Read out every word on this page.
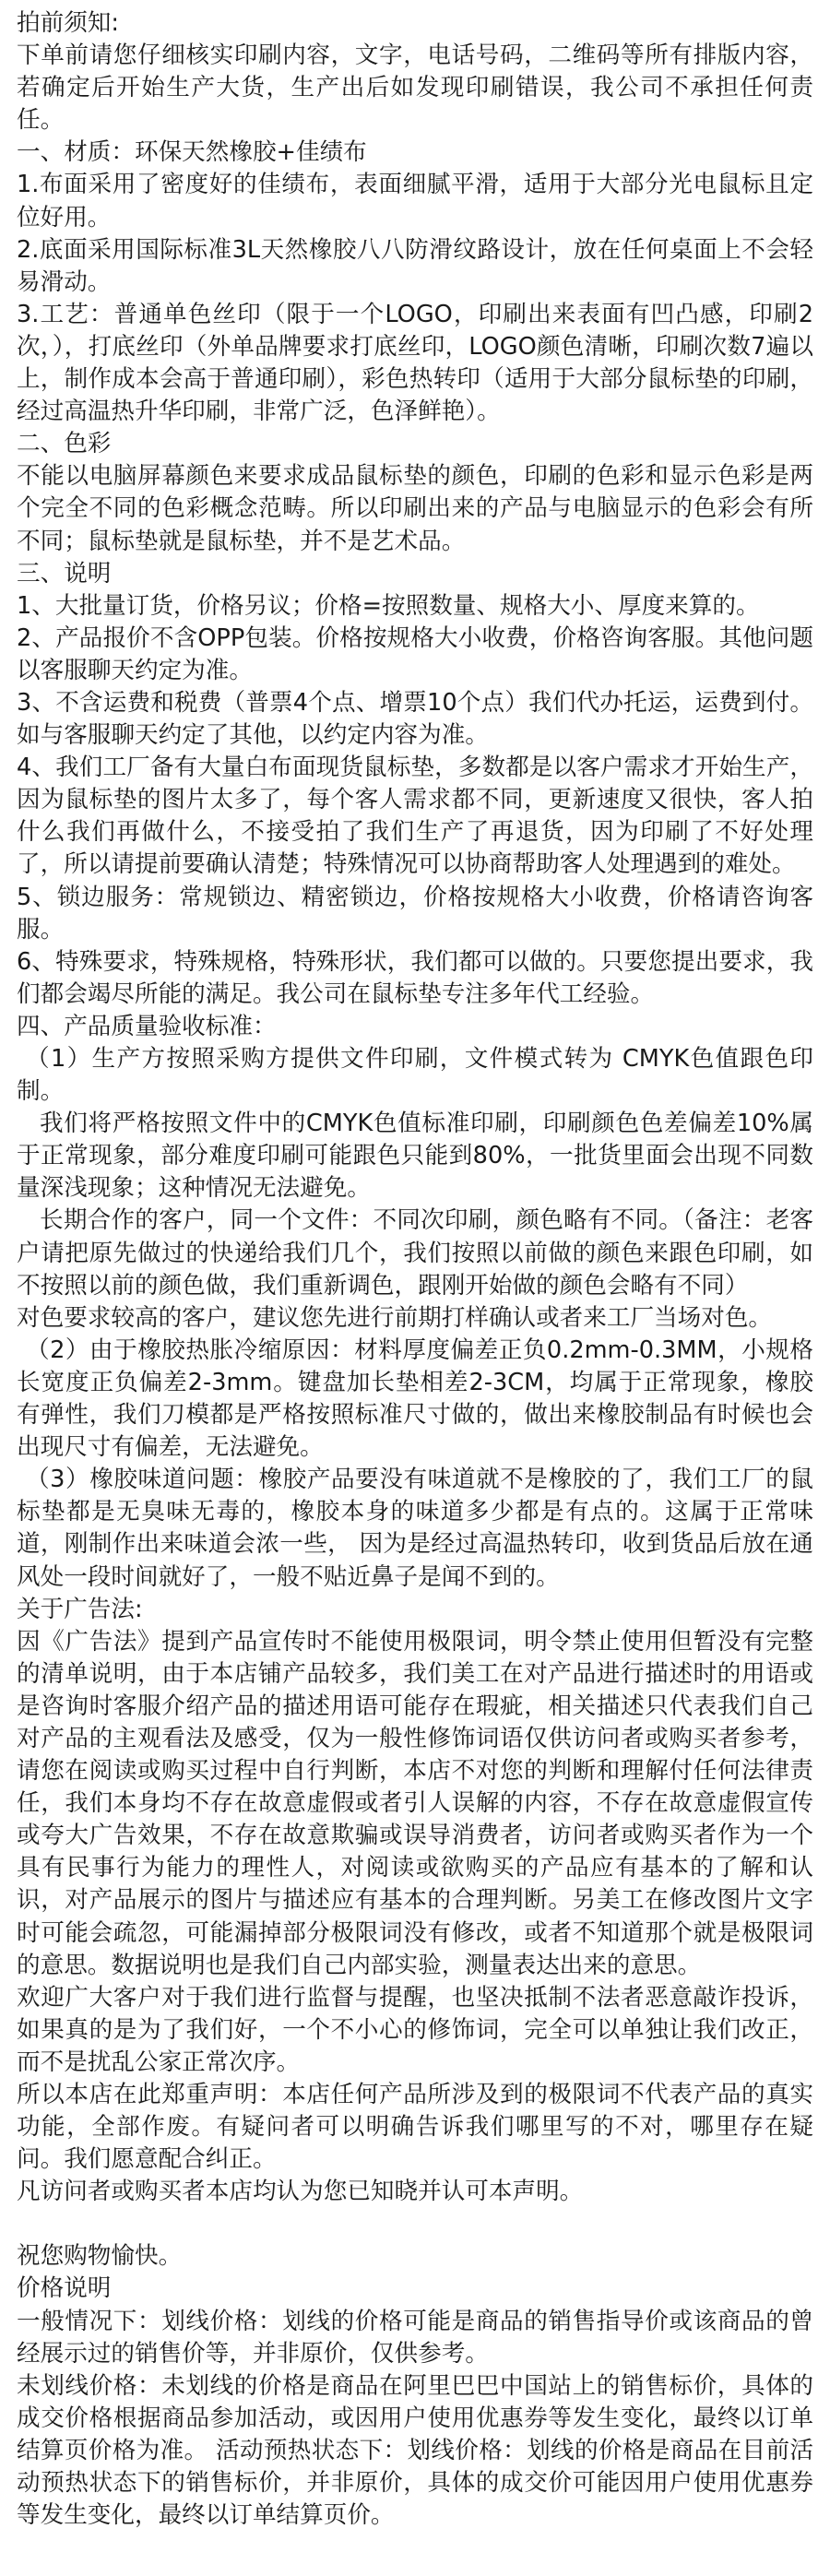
拍前须知:

下单前请您仔细核实印刷内容，文字，电话号码，二维码等所有排版内容，若确定后开始生产大货，生产出后如发现印刷错误，我公司不承担任何责任。

一、材质：环保天然橡胶+佳绩布

1.布面采用了密度好的佳绩布，表面细腻平滑，适用于大部分光电鼠标且定位好用。

2.底面采用国际标准3L天然橡胶八八防滑纹路设计，放在任何桌面上不会轻易滑动。

3.工艺：普通单色丝印（限于一个LOGO，印刷出来表面有凹凸感，印刷2次，），打底丝印（外单品牌要求打底丝印，LOGO颜色清晰，印刷次数7遍以上，制作成本会高于普通印刷），彩色热转印（适用于大部分鼠标垫的印刷，经过高温热升华印刷，非常广泛，色泽鲜艳）。

二、色彩

不能以电脑屏幕颜色来要求成品鼠标垫的颜色，印刷的色彩和显示色彩是两个完全不同的色彩概念范畴。所以印刷出来的产品与电脑显示的色彩会有所不同；鼠标垫就是鼠标垫，并不是艺术品。

三、说明

1、大批量订货，价格另议；价格=按照数量、规格大小、厚度来算的。

2、产品报价不含OPP包装。价格按规格大小收费，价格咨询客服。其他问题以客服聊天约定为准。

3、不含运费和税费（普票4个点、增票10个点）我们代办托运，运费到付。如与客服聊天约定了其他，以约定内容为准。

4、我们工厂备有大量白布面现货鼠标垫，多数都是以客户需求才开始生产，因为鼠标垫的图片太多了，每个客人需求都不同，更新速度又很快，客人拍什么我们再做什么，不接受拍了我们生产了再退货，因为印刷了不好处理了，所以请提前要确认清楚；特殊情况可以协商帮助客人处理遇到的难处。

5、锁边服务：常规锁边、精密锁边，价格按规格大小收费，价格请咨询客服。

6、特殊要求，特殊规格，特殊形状，我们都可以做的。只要您提出要求，我们都会竭尽所能的满足。我公司在鼠标垫专注多年代工经验。

四、产品质量验收标准：

（1）生产方按照采购方提供文件印刷，文件模式转为 CMYK色值跟色印制。

我们将严格按照文件中的CMYK色值标准印刷，印刷颜色色差偏差10%属于正常现象，部分难度印刷可能跟色只能到80%，一批货里面会出现不同数量深浅现象；这种情况无法避免。

长期合作的客户，同一个文件：不同次印刷，颜色略有不同。（备注：老客户请把原先做过的快递给我们几个，我们按照以前做的颜色来跟色印刷，如不按照以前的颜色做，我们重新调色，跟刚开始做的颜色会略有不同）

对色要求较高的客户，建议您先进行前期打样确认或者来工厂当场对色。

（2）由于橡胶热胀冷缩原因：材料厚度偏差正负0.2mm-0.3MM，小规格长宽度正负偏差2-3mm。键盘加长垫相差2-3CM，均属于正常现象，橡胶有弹性，我们刀模都是严格按照标准尺寸做的，做出来橡胶制品有时候也会出现尺寸有偏差，无法避免。

（3）橡胶味道问题：橡胶产品要没有味道就不是橡胶的了，我们工厂的鼠标垫都是无臭味无毒的，橡胶本身的味道多少都是有点的。这属于正常味道，刚制作出来味道会浓一些， 因为是经过高温热转印，收到货品后放在通风处一段时间就好了，一般不贴近鼻子是闻不到的。

关于广告法:

因《广告法》提到产品宣传时不能使用极限词，明令禁止使用但暂没有完整的清单说明，由于本店铺产品较多，我们美工在对产品进行描述时的用语或是咨询时客服介绍产品的描述用语可能存在瑕疵，相关描述只代表我们自己对产品的主观看法及感受，仅为一般性修饰词语仅供访问者或购买者参考，请您在阅读或购买过程中自行判断，本店不对您的判断和理解付任何法律责任，我们本身均不存在故意虚假或者引人误解的内容，不存在故意虚假宣传或夸大广告效果，不存在故意欺骗或误导消费者，访问者或购买者作为一个具有民事行为能力的理性人，对阅读或欲购买的产品应有基本的了解和认识，对产品展示的图片与描述应有基本的合理判断。另美工在修改图片文字时可能会疏忽，可能漏掉部分极限词没有修改，或者不知道那个就是极限词的意思。数据说明也是我们自己内部实验，测量表达出来的意思。

欢迎广大客户对于我们进行监督与提醒，也坚决抵制不法者恶意敲诈投诉，如果真的是为了我们好，一个不小心的修饰词，完全可以单独让我们改正，而不是扰乱公家正常次序。

所以本店在此郑重声明：本店任何产品所涉及到的极限词不代表产品的真实功能，全部作废。有疑问者可以明确告诉我们哪里写的不对，哪里存在疑问。我们愿意配合纠正。

凡访问者或购买者本店均认为您已知晓并认可本声明。

祝您购物愉快。

价格说明

一般情况下：划线价格：划线的价格可能是商品的销售指导价或该商品的曾经展示过的销售价等，并非原价，仅供参考。

未划线价格：未划线的价格是商品在阿里巴巴中国站上的销售标价，具体的成交价格根据商品参加活动，或因用户使用优惠券等发生变化，最终以订单结算页价格为准。 活动预热状态下：划线价格：划线的价格是商品在目前活动预热状态下的销售标价，并非原价，具体的成交价可能因用户使用优惠券等发生变化，最终以订单结算页价。
